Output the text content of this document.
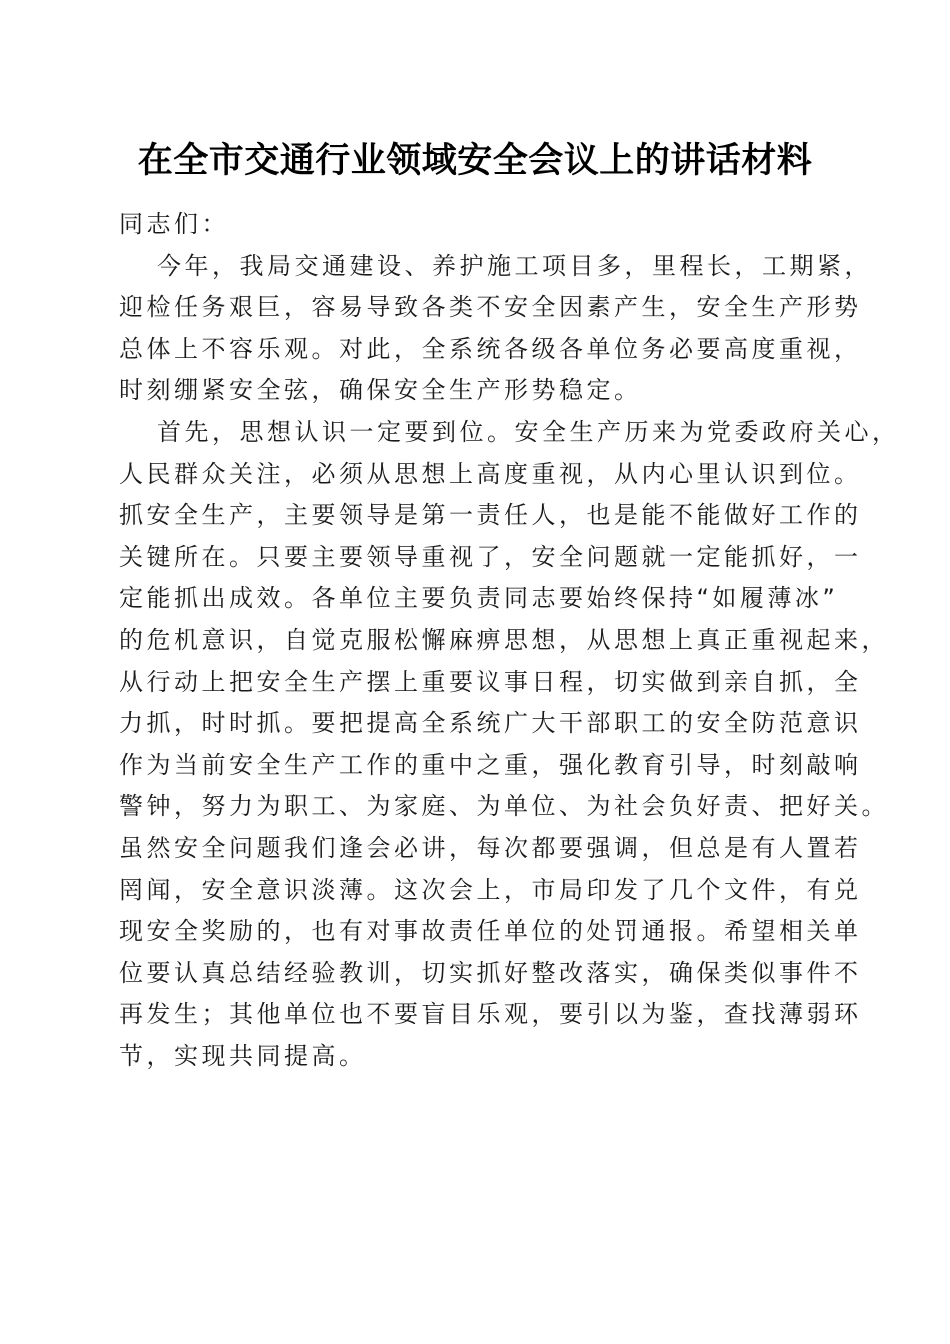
在全市交通行业领域安全会议上的讲话材料
同志们：
今年，我局交通建设、养护施工项目多，里程长，工期紧，
迎检任务艰巨，容易导致各类不安全因素产生，安全生产形势
总体上不容乐观。对此，全系统各级各单位务必要高度重视，
时刻绷紧安全弦，确保安全生产形势稳定。
首先，思想认识一定要到位。安全生产历来为党委政府关心，
人民群众关注，必须从思想上高度重视，从内心里认识到位。
抓安全生产，主要领导是第一责任人，也是能不能做好工作的
关键所在。只要主要领导重视了，安全问题就一定能抓好，一
定能抓出成效。各单位主要负责同志要始终保持“如履薄冰”
的危机意识，自觉克服松懈麻痹思想，从思想上真正重视起来，
从行动上把安全生产摆上重要议事日程，切实做到亲自抓，全
力抓，时时抓。要把提高全系统广大干部职工的安全防范意识
作为当前安全生产工作的重中之重，强化教育引导，时刻敲响
警钟，努力为职工、为家庭、为单位、为社会负好责、把好关。
虽然安全问题我们逢会必讲，每次都要强调，但总是有人置若
罔闻，安全意识淡薄。这次会上，市局印发了几个文件，有兑
现安全奖励的，也有对事故责任单位的处罚通报。希望相关单
位要认真总结经验教训，切实抓好整改落实，确保类似事件不
再发生；其他单位也不要盲目乐观，要引以为鉴，查找薄弱环
节，实现共同提高。
